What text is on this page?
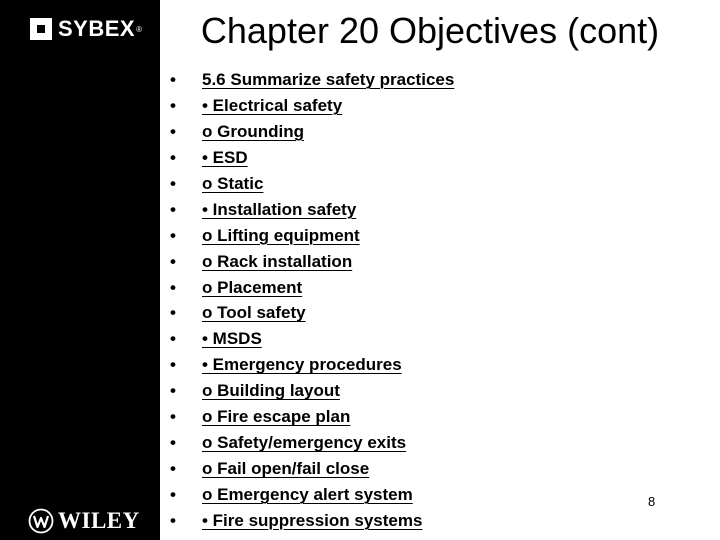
SYBEX ®
WILEY
Chapter 20 Objectives (cont)
•	5.6 Summarize safety practices
•	• Electrical safety
•	o Grounding
•	• ESD
•	o Static
•	• Installation safety
•	o Lifting equipment
•	o Rack installation
•	o Placement
•	o Tool safety
•	• MSDS
•	• Emergency procedures
•	o Building layout
•	o Fire escape plan
•	o Safety/emergency exits
•	o Fail open/fail close
•	o Emergency alert system
•	• Fire suppression systems
8
